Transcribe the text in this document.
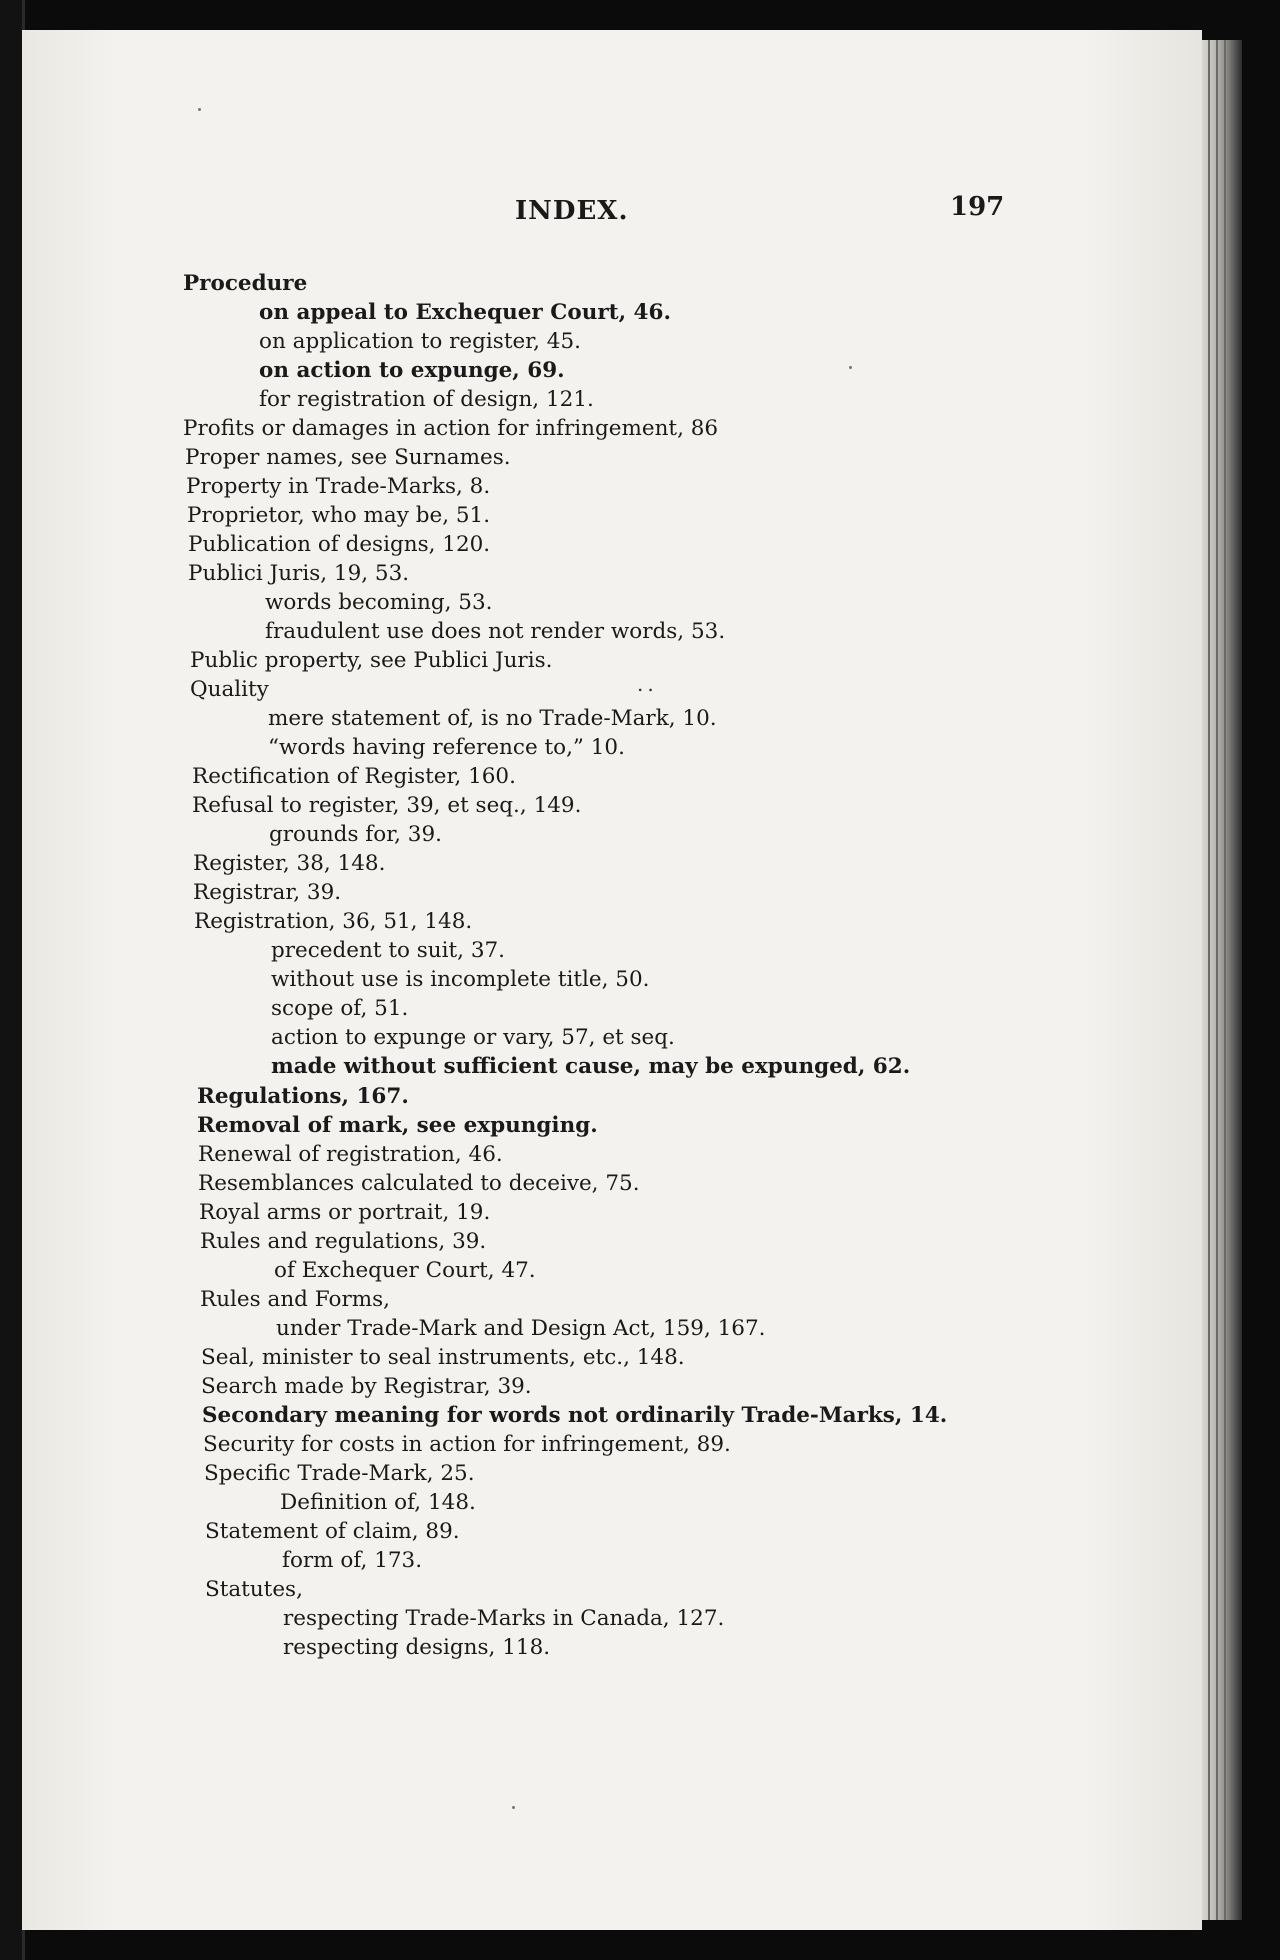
INDEX.	197
Procedure
on appeal to Exchequer Court, 46.
on application to register, 45.
on action to expunge, 69.
for registration of design, 121.
Profits or damages in action for infringement, 86
Proper names, see Surnames.
Property in Trade-Marks, 8.
Proprietor, who may be, 51.
Publication of designs, 120.
Publici Juris, 19, 53.
words becoming, 53.
fraudulent use does not render words, 53.
Public property, see Publici Juris.
Quality	..
mere statement of, is no Trade-Mark, 10.
“words having reference to,” 10.
Rectification of Register, 160.
Refusal to register, 39, et seq., 149.
grounds for, 39.
Register, 38, 148.
Registrar, 39.
Registration, 36, 51, 148.
precedent to suit, 37.
without use is incomplete title, 50.
scope of, 51.
action to expunge or vary, 57, et seq.
made without sufficient cause, may be expunged, 62.
Regulations, 167.
Removal of mark, see expunging.
Renewal of registration, 46.
Resemblances calculated to deceive, 75.
Royal arms or portrait, 19.
Rules and regulations, 39.
of Exchequer Court, 47.
Rules and Forms,
under Trade-Mark and Design Act, 159, 167.
Seal, minister to seal instruments, etc., 148.
Search made by Registrar, 39.
Secondary meaning for words not ordinarily Trade-Marks, 14.
Security for costs in action for infringement, 89.
Specific Trade-Mark, 25.
Definition of, 148.
Statement of claim, 89.
form of, 173.
Statutes,
respecting Trade-Marks in Canada, 127.
respecting designs, 118.
